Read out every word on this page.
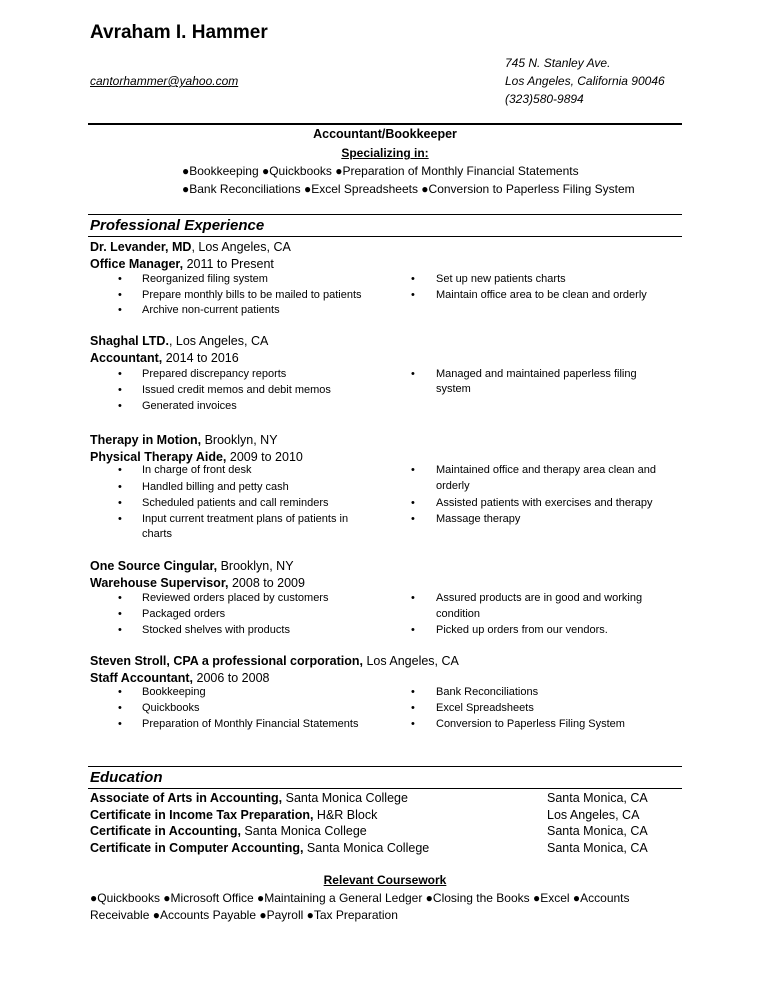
Avraham I. Hammer
cantorhammer@yahoo.com
745 N. Stanley Ave.
Los Angeles, California 90046
(323)580-9894
Accountant/Bookkeeper
Specializing in:
●Bookkeeping ●Quickbooks ●Preparation of Monthly Financial Statements
●Bank Reconciliations ●Excel Spreadsheets ●Conversion to Paperless Filing System
Professional Experience
Dr. Levander, MD, Los Angeles, CA
Office Manager, 2011 to Present
• Reorganized filing system
• Prepare monthly bills to be mailed to patients
• Archive non-current patients
• Set up new patients charts
• Maintain office area to be clean and orderly
Shaghal LTD., Los Angeles, CA
Accountant, 2014 to 2016
• Prepared discrepancy reports
• Issued credit memos and debit memos
• Generated invoices
• Managed and maintained paperless filing
system
Therapy in Motion, Brooklyn, NY
Physical Therapy Aide, 2009 to 2010
• In charge of front desk
• Handled billing and petty cash
• Scheduled patients and call reminders
• Input current treatment plans of patients in
charts
• Maintained office and therapy area clean and
orderly
• Assisted patients with exercises and therapy
• Massage therapy
One Source Cingular, Brooklyn, NY
Warehouse Supervisor, 2008 to 2009
• Reviewed orders placed by customers
• Packaged orders
• Stocked shelves with products
• Assured products are in good and working
condition
• Picked up orders from our vendors.
Steven Stroll, CPA a professional corporation, Los Angeles, CA
Staff Accountant, 2006 to 2008
• Bookkeeping
• Quickbooks
• Preparation of Monthly Financial Statements
• Bank Reconciliations
• Excel Spreadsheets
• Conversion to Paperless Filing System
Education
Associate of Arts in Accounting, Santa Monica College	Santa Monica, CA
Certificate in Income Tax Preparation, H&R Block	Los Angeles, CA
Certificate in Accounting, Santa Monica College	Santa Monica, CA
Certificate in Computer Accounting, Santa Monica College	Santa Monica, CA
Relevant Coursework
●Quickbooks ●Microsoft Office ●Maintaining a General Ledger ●Closing the Books ●Excel ●Accounts
Receivable ●Accounts Payable ●Payroll ●Tax Preparation
